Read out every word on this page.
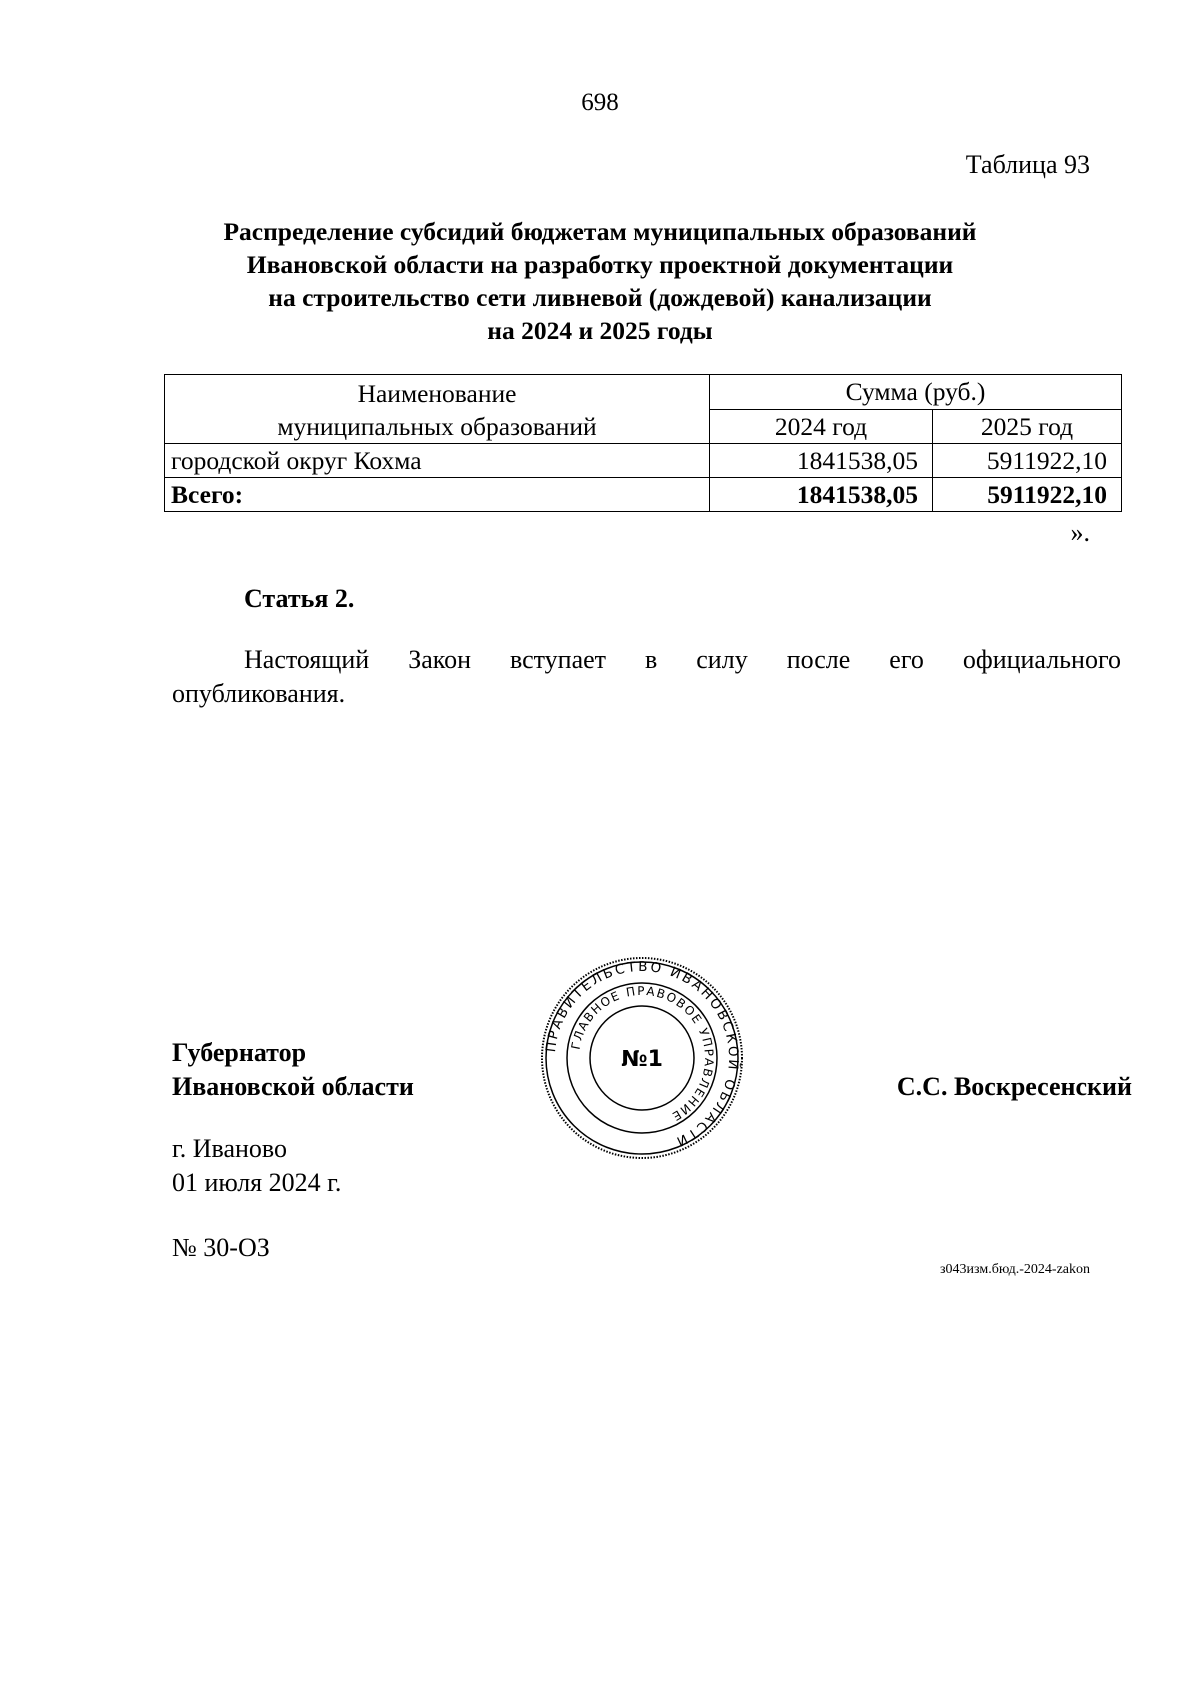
698
Таблица 93
Распределение субсидий бюджетам муниципальных образований
Ивановской области на разработку проектной документации
на строительство сети ливневой (дождевой) канализации
на 2024 и 2025 годы
Наименование
муниципальных образований	Сумма (руб.)	
	2024 год	2025 год
городской округ Кохма	1841538,05	5911922,10
Всего:	1841538,05	5911922,10
».
Статья 2.
Настоящий Закон вступает в силу после его официального
опубликования.
Губернатор
Ивановской области
ПРАВИТЕЛЬСТВО ИВАНОВСКОЙ ОБЛАСТИ
ГЛАВНОЕ ПРАВОВОЕ УПРАВЛЕНИЕ
№1
С.С. Воскресенский
г. Иваново
01 июля 2024 г.
№ 30-ОЗ
з043изм.бюд.-2024-zakon
